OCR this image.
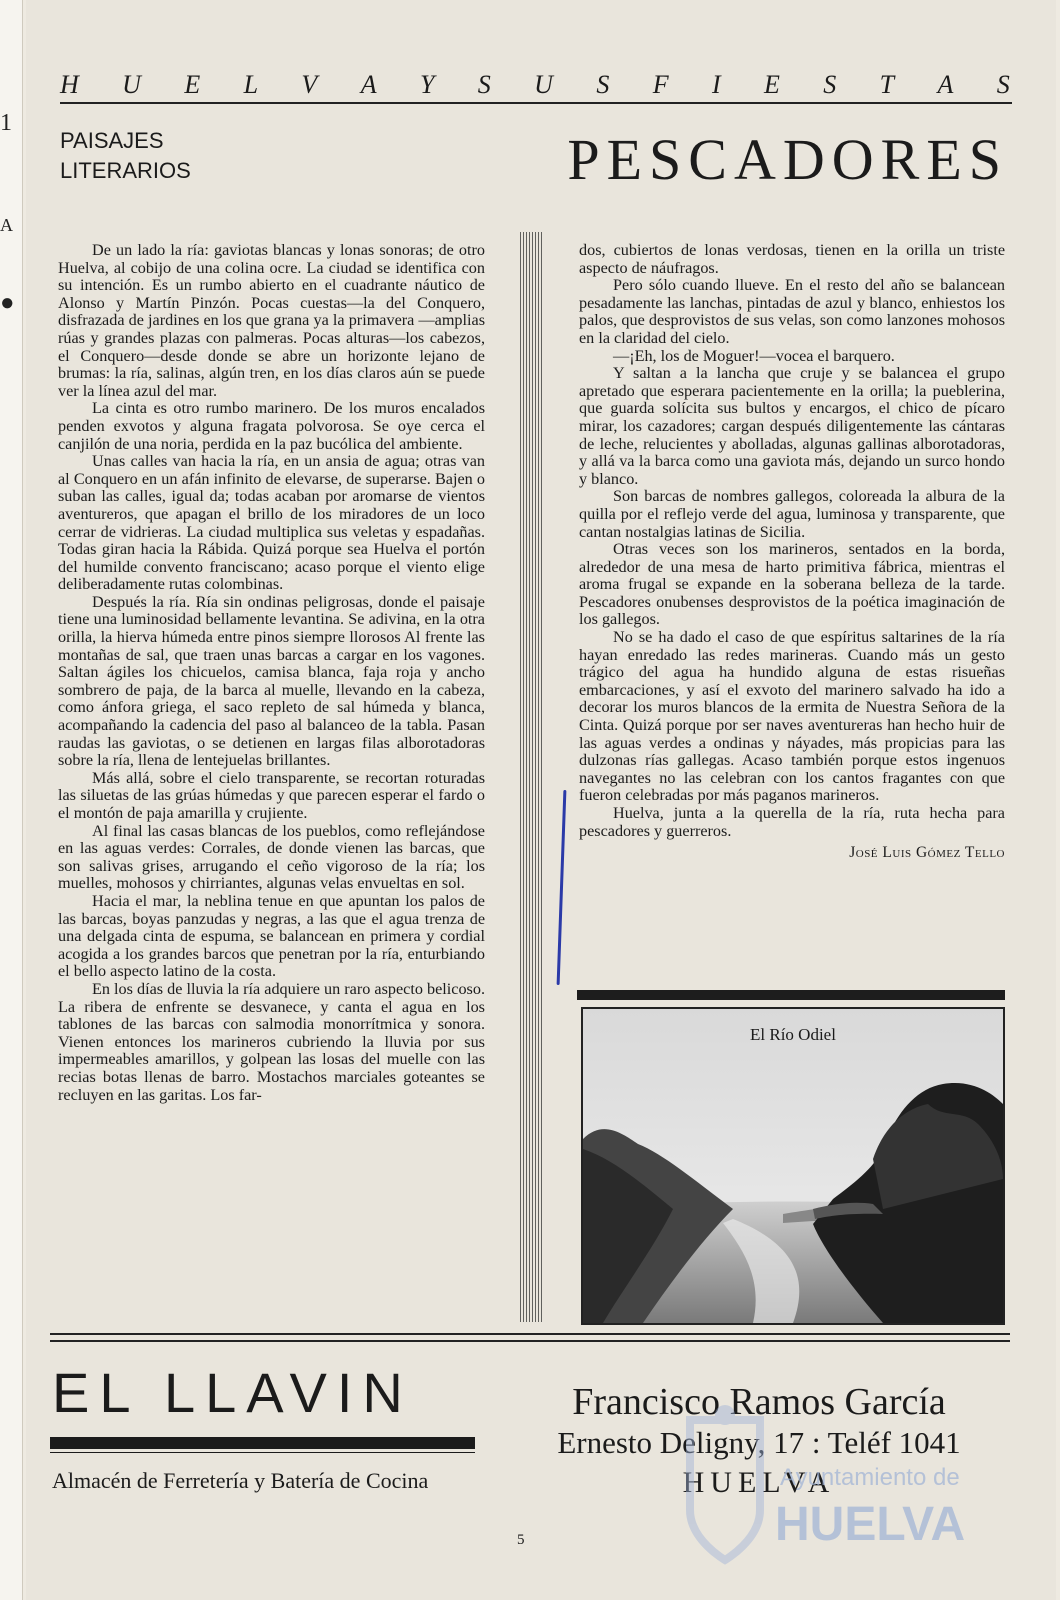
1
A
●
H U E L V A Y S U S F I E S T A S
PAISAJES
LITERARIOS	PESCADORES

De un lado la ría: gaviotas blancas y lonas sonoras; de otro Huelva, al cobijo de una colina ocre. La ciudad se identifica con su intención. Es un rumbo abierto en el cuadrante náutico de Alonso y Martín Pinzón. Pocas cuestas—la del Conquero, disfrazada de jardines en los que grana ya la primavera —amplias rúas y grandes plazas con palmeras. Pocas alturas—los cabezos, el Conquero—desde donde se abre un horizonte lejano de brumas: la ría, salinas, algún tren, en los días claros aún se puede ver la línea azul del mar.

La cinta es otro rumbo marinero. De los muros encalados penden exvotos y alguna fragata polvorosa. Se oye cerca el canjilón de una noria, perdida en la paz bucólica del ambiente.

Unas calles van hacia la ría, en un ansia de agua; otras van al Conquero en un afán infinito de elevarse, de superarse. Bajen o suban las calles, igual da; todas acaban por aromarse de vientos aventureros, que apagan el brillo de los miradores de un loco cerrar de vidrieras. La ciudad multiplica sus veletas y espadañas. Todas giran hacia la Rábida. Quizá porque sea Huelva el portón del humilde convento franciscano; acaso porque el viento elige deliberadamente rutas colombinas.

Después la ría. Ría sin ondinas peligrosas, donde el paisaje tiene una luminosidad bellamente levantina. Se adivina, en la otra orilla, la hierva húmeda entre pinos siempre llorosos Al frente las montañas de sal, que traen unas barcas a cargar en los vagones. Saltan ágiles los chicuelos, camisa blanca, faja roja y ancho sombrero de paja, de la barca al muelle, llevando en la cabeza, como ánfora griega, el saco repleto de sal húmeda y blanca, acompañando la cadencia del paso al balanceo de la tabla. Pasan raudas las gaviotas, o se detienen en largas filas alborotadoras sobre la ría, llena de lentejuelas brillantes.

Más allá, sobre el cielo transparente, se recortan roturadas las siluetas de las grúas húmedas y que parecen esperar el fardo o el montón de paja amarilla y crujiente.

Al final las casas blancas de los pueblos, como reflejándose en las aguas verdes: Corrales, de donde vienen las barcas, que son salivas grises, arrugando el ceño vigoroso de la ría; los muelles, mohosos y chirriantes, algunas velas envueltas en sol.

Hacia el mar, la neblina tenue en que apuntan los palos de las barcas, boyas panzudas y negras, a las que el agua trenza de una delgada cinta de espuma, se balancean en primera y cordial acogida a los grandes barcos que penetran por la ría, enturbiando el bello aspecto latino de la costa.

En los días de lluvia la ría adquiere un raro aspecto belicoso. La ribera de enfrente se desvanece, y canta el agua en los tablones de las barcas con salmodia monorrítmica y sonora. Vienen entonces los marineros cubriendo la lluvia por sus impermeables amarillos, y golpean las losas del muelle con las recias botas llenas de barro. Mostachos marciales goteantes se recluyen en las garitas. Los far-

dos, cubiertos de lonas verdosas, tienen en la orilla un triste aspecto de náufragos.

Pero sólo cuando llueve. En el resto del año se balancean pesadamente las lanchas, pintadas de azul y blanco, enhiestos los palos, que desprovistos de sus velas, son como lanzones mohosos en la claridad del cielo.

—¡Eh, los de Moguer!—vocea el barquero.

Y saltan a la lancha que cruje y se balancea el grupo apretado que esperara pacientemente en la orilla; la pueblerina, que guarda solícita sus bultos y encargos, el chico de pícaro mirar, los cazadores; cargan después diligentemente las cántaras de leche, relucientes y abolladas, algunas gallinas alborotadoras, y allá va la barca como una gaviota más, dejando un surco hondo y blanco.

Son barcas de nombres gallegos, coloreada la albura de la quilla por el reflejo verde del agua, luminosa y transparente, que cantan nostalgias latinas de Sicilia.

Otras veces son los marineros, sentados en la borda, alrededor de una mesa de harto primitiva fábrica, mientras el aroma frugal se expande en la soberana belleza de la tarde. Pescadores onubenses desprovistos de la poética imaginación de los gallegos.

No se ha dado el caso de que espíritus saltarines de la ría hayan enredado las redes marineras. Cuando más un gesto trágico del agua ha hundido alguna de estas risueñas embarcaciones, y así el exvoto del marinero salvado ha ido a decorar los muros blancos de la ermita de Nuestra Señora de la Cinta. Quizá porque por ser naves aventureras han hecho huir de las aguas verdes a ondinas y náyades, más propicias para las dulzonas rías gallegas. Acaso también porque estos ingenuos navegantes no las celebran con los cantos fragantes con que fueron celebradas por más paganos marineros.

Huelva, junta a la querella de la ría, ruta hecha para pescadores y guerreros.

José Luis Gómez Tello
El Río Odiel
EL LLAVIN
Almacén de Ferretería y Batería de Cocina
Francisco Ramos García
Ernesto Deligny, 17 : Teléf 1041
HUELVA
Ayuntamiento de
HUELVA
5
